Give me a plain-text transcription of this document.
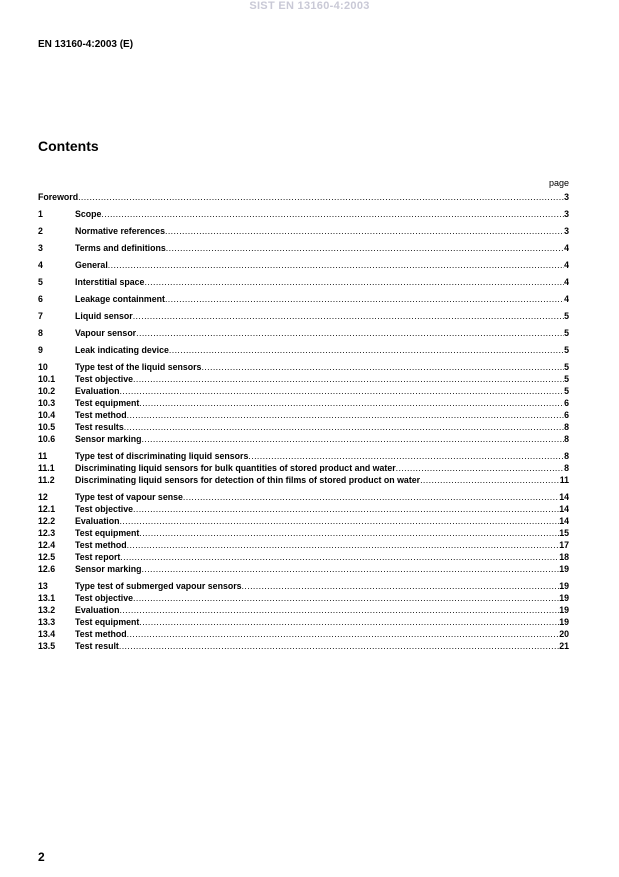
SIST EN 13160-4:2003
EN 13160-4:2003 (E)
Contents
page
Foreword .....	3
1	Scope .....	3
2	Normative references .....	3
3	Terms and definitions .....	4
4	General .....	4
5	Interstitial space .....	4
6	Leakage containment .....	4
7	Liquid sensor .....	5
8	Vapour sensor .....	5
9	Leak indicating device .....	5
10	Type test of the liquid sensors .....	5
10.1	Test objective .....	5
10.2	Evaluation .....	5
10.3	Test equipment .....	6
10.4	Test method .....	6
10.5	Test results .....	8
10.6	Sensor marking .....	8
11	Type test of discriminating liquid sensors .....	8
11.1	Discriminating liquid sensors for bulk quantities of stored product and water .....	8
11.2	Discriminating liquid sensors for detection of thin films of stored product on water .....	11
12	Type test of vapour sense .....	14
12.1	Test objective .....	14
12.2	Evaluation .....	14
12.3	Test equipment .....	15
12.4	Test method .....	17
12.5	Test report .....	18
12.6	Sensor marking .....	19
13	Type test of submerged vapour sensors .....	19
13.1	Test objective .....	19
13.2	Evaluation .....	19
13.3	Test equipment .....	19
13.4	Test method .....	20
13.5	Test result .....	21
2
